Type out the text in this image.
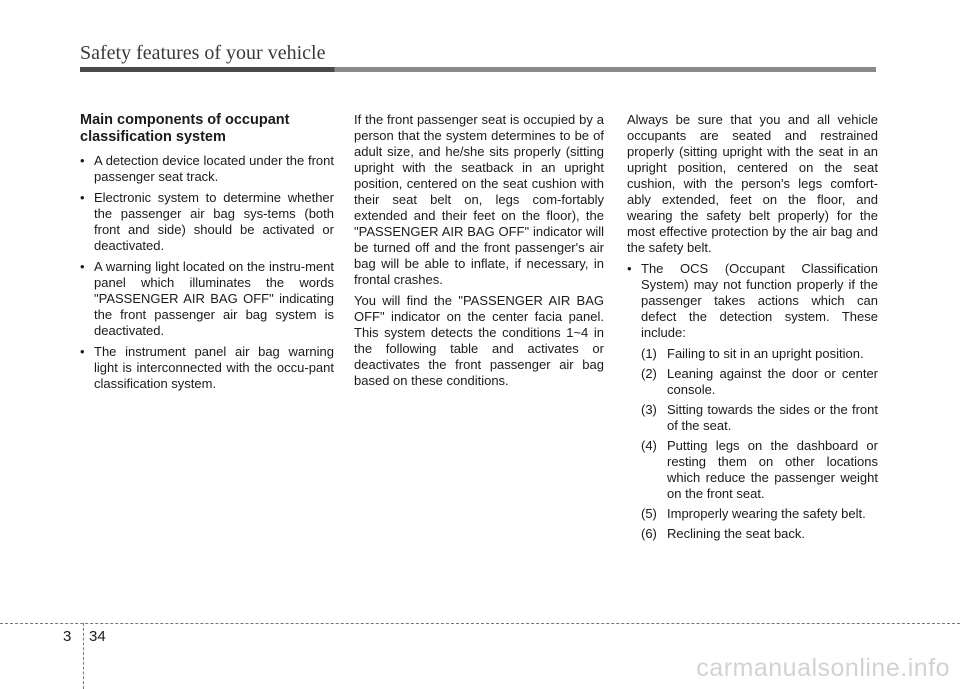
Safety features of your vehicle
Main components of occupant classification system
• A detection device located under the front passenger seat track.
• Electronic system to determine whether the passenger air bag sys-tems (both front and side) should be activated or deactivated.
• A warning light located on the instru-ment panel which illuminates the words "PASSENGER AIR BAG OFF" indicating the front passenger air bag system is deactivated.
• The instrument panel air bag warning light is interconnected with the occu-pant classification system.

If the front passenger seat is occupied by a person that the system determines to be of adult size, and he/she sits properly (sitting upright with the seatback in an upright position, centered on the seat cushion with their seat belt on, legs com-fortably extended and their feet on the floor), the "PASSENGER AIR BAG OFF" indicator will be turned off and the front passenger's air bag will be able to inflate, if necessary, in frontal crashes.

You will find the "PASSENGER AIR BAG OFF" indicator on the center facia panel. This system detects the conditions 1~4 in the following table and activates or deactivates the front passenger air bag based on these conditions.

Always be sure that you and all vehicle occupants are seated and restrained properly (sitting upright with the seat in an upright position, centered on the seat cushion, with the person's legs comfort-ably extended, feet on the floor, and wearing the safety belt properly) for the most effective protection by the air bag and the safety belt.

• The OCS (Occupant Classification System) may not function properly if the passenger takes actions which can defect the detection system. These include:
(1) Failing to sit in an upright position.
(2) Leaning against the door or center console.
(3) Sitting towards the sides or the front of the seat.
(4) Putting legs on the dashboard or resting them on other locations which reduce the passenger weight on the front seat.
(5) Improperly wearing the safety belt.
(6) Reclining the seat back.
3 34
carmanualsonline.info
